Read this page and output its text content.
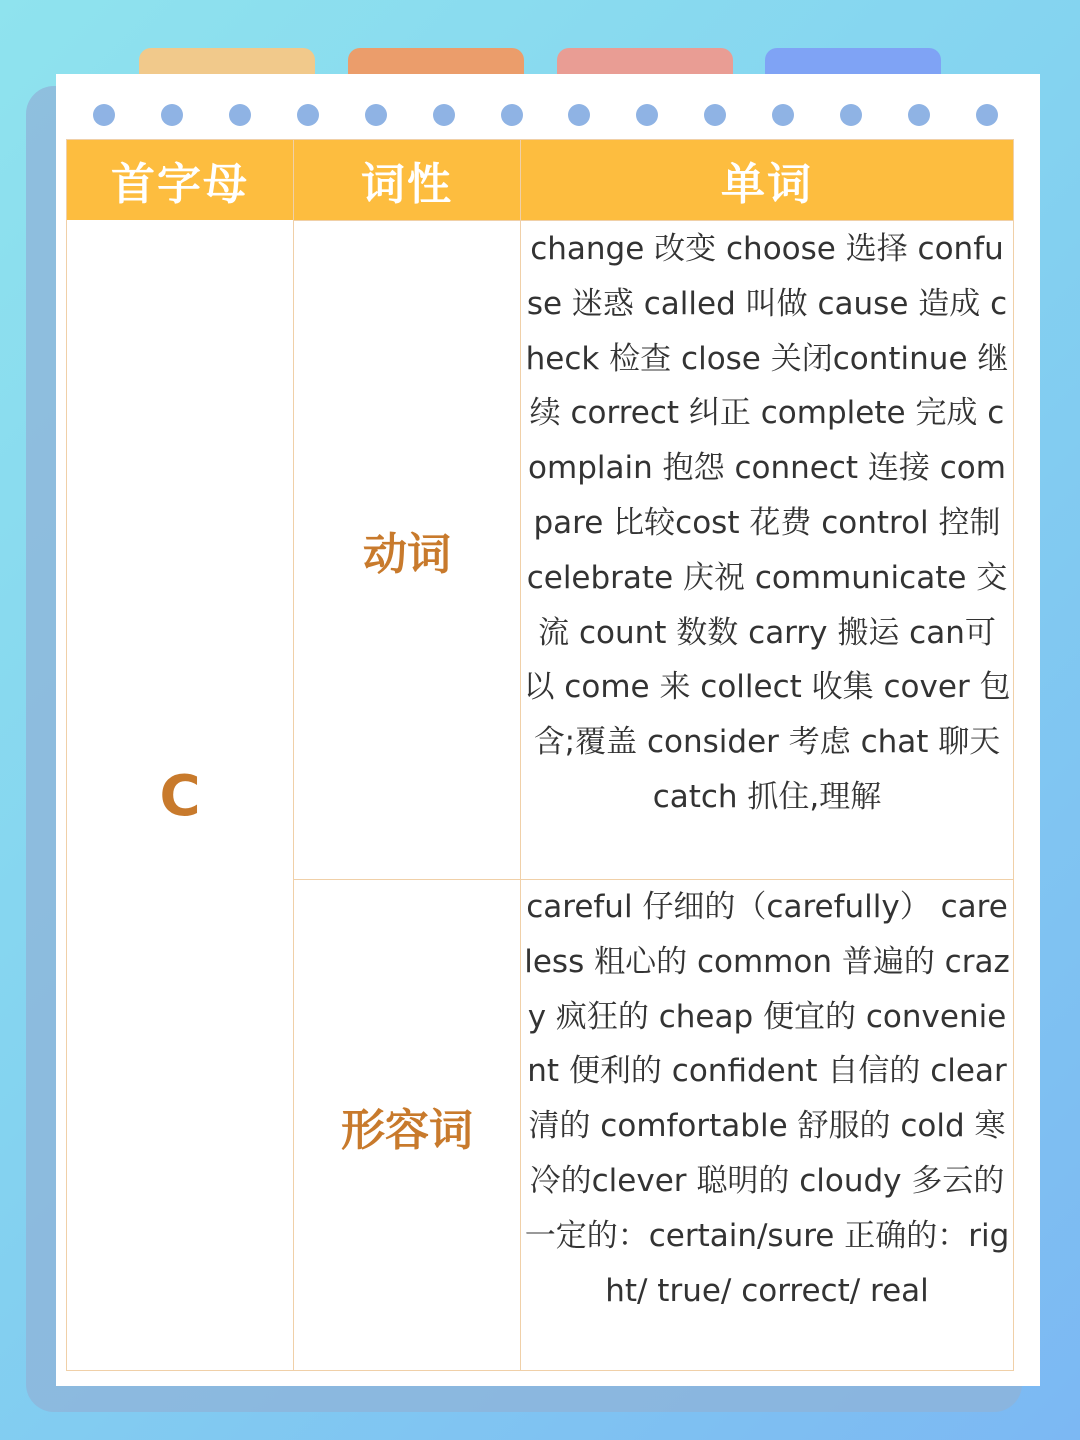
首字母	词性	单词
C
动词
change 改变 choose 选择 confuse 迷惑 called 叫做 cause 造成 check 检查 close 关闭continue 继续 correct 纠正 complete 完成 complain 抱怨 connect 连接 compare 比较cost 花费 control 控制 celebrate 庆祝 communicate 交流 count 数数 carry 搬运 can可以 come 来 collect 收集 cover 包含;覆盖 consider 考虑 chat 聊天 catch 抓住,理解
形容词
careful 仔细的（carefully） careless 粗心的 common 普遍的 crazy 疯狂的 cheap 便宜的 convenient 便利的 confident 自信的 clear 清的 comfortable 舒服的 cold 寒冷的clever 聪明的 cloudy 多云的 一定的：certain/sure 正确的：right/ true/ correct/ real
